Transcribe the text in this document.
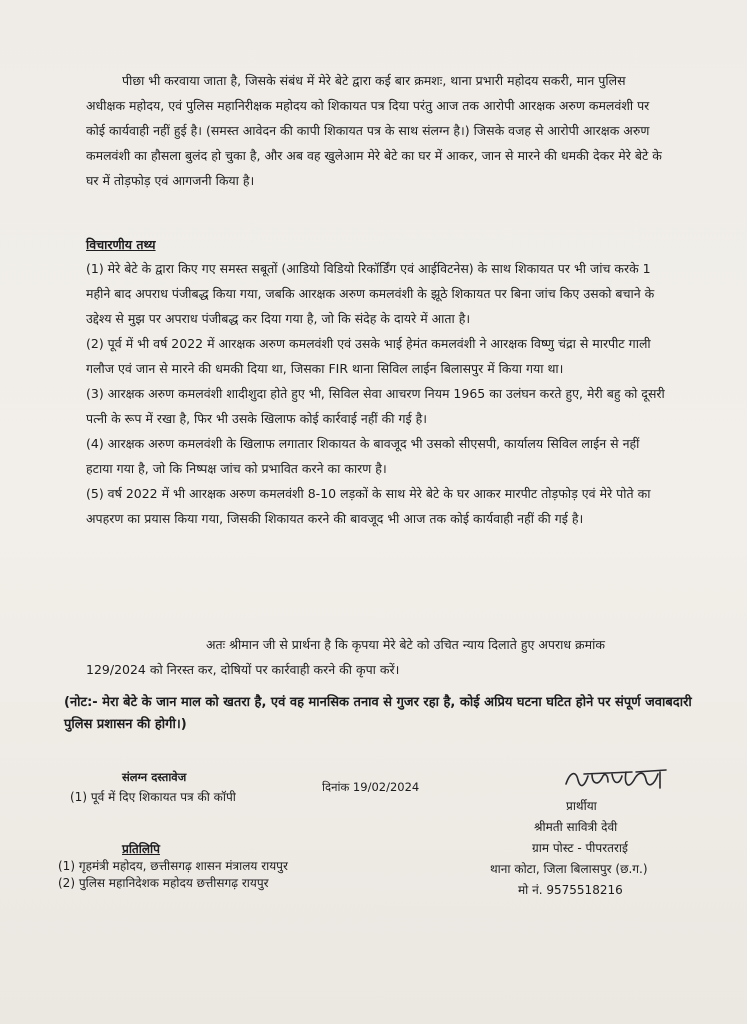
पीछा भी करवाया जाता है, जिसके संबंध में मेरे बेटे द्वारा कई बार क्रमशः, थाना प्रभारी महोदय सकरी, मान पुलिस अधीक्षक महोदय, एवं पुलिस महानिरीक्षक महोदय को शिकायत पत्र दिया परंतु आज तक आरोपी आरक्षक अरुण कमलवंशी पर कोई कार्यवाही नहीं हुई है। (समस्त आवेदन की कापी शिकायत पत्र के साथ संलग्न है।) जिसके वजह से आरोपी आरक्षक अरुण कमलवंशी का हौसला बुलंद हो चुका है, और अब वह खुलेआम मेरे बेटे का घर में आकर, जान से मारने की धमकी देकर मेरे बेटे के घर में तोड़फोड़ एवं आगजनी किया है।

विचारणीय तथ्य

(1) मेरे बेटे के द्वारा किए गए समस्त सबूतों (आडियो विडियो रिकॉर्डिंग एवं आईविटनेस) के साथ शिकायत पर भी जांच करके 1 महीने बाद अपराध पंजीबद्ध किया गया, जबकि आरक्षक अरुण कमलवंशी के झूठे शिकायत पर बिना जांच किए उसको बचाने के उद्देश्य से मुझ पर अपराध पंजीबद्ध कर दिया गया है, जो कि संदेह के दायरे में आता है।

(2) पूर्व में भी वर्ष 2022 में आरक्षक अरुण कमलवंशी एवं उसके भाई हेमंत कमलवंशी ने आरक्षक विष्णु चंद्रा से मारपीट गाली गलौज एवं जान से मारने की धमकी दिया था, जिसका FIR थाना सिविल लाईन बिलासपुर में किया गया था।

(3) आरक्षक अरुण कमलवंशी शादीशुदा होते हुए भी, सिविल सेवा आचरण नियम 1965 का उलंघन करते हुए, मेरी बहु को दूसरी पत्नी के रूप में रखा है, फिर भी उसके खिलाफ कोई कार्रवाई नहीं की गई है।

(4) आरक्षक अरुण कमलवंशी के खिलाफ लगातार शिकायत के बावजूद भी उसको सीएसपी, कार्यालय सिविल लाईन से नहीं हटाया गया है, जो कि निष्पक्ष जांच को प्रभावित करने का कारण है।

(5) वर्ष 2022 में भी आरक्षक अरुण कमलवंशी 8-10 लड़कों के साथ मेरे बेटे के घर आकर मारपीट तोड़फोड़ एवं मेरे पोते का अपहरण का प्रयास किया गया, जिसकी शिकायत करने की बावजूद भी आज तक कोई कार्यवाही नहीं की गई है।

अतः श्रीमान जी से प्रार्थना है कि कृपया मेरे बेटे को उचित न्याय दिलाते हुए अपराध क्रमांक 129/2024 को निरस्त कर, दोषियों पर कार्रवाही करने की कृपा करें।
(नोट:- मेरा बेटे के जान माल को खतरा है, एवं वह मानसिक तनाव से गुजर रहा है, कोई अप्रिय घटना घटित होने पर संपूर्ण जवाबदारी पुलिस प्रशासन की होगी।)
संलग्न दस्तावेज
(1) पूर्व में दिए शिकायत पत्र की कॉपी
दिनांक 19/02/2024
प्रार्थीया
श्रीमती सावित्री देवी
ग्राम पोस्ट - पीपरतराई
थाना कोटा, जिला बिलासपुर (छ.ग.)
मो नं. 9575518216
प्रतिलिपि
(1) गृहमंत्री महोदय, छत्तीसगढ़ शासन मंत्रालय रायपुर
(2) पुलिस महानिदेशक महोदय छत्तीसगढ़ रायपुर
